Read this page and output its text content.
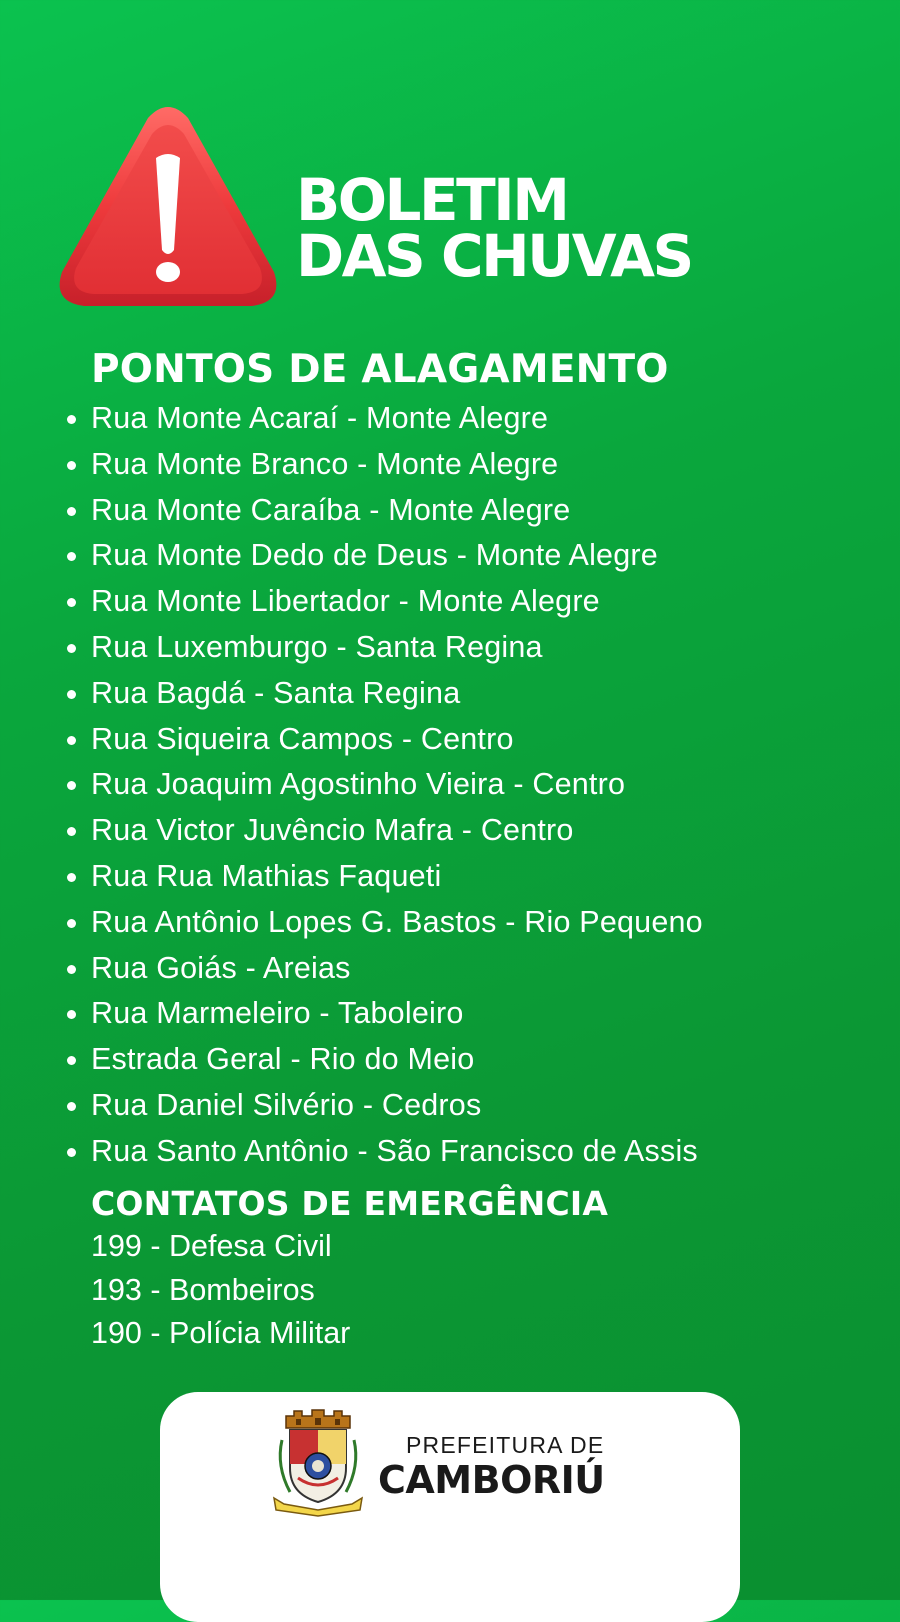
BOLETIM
DAS CHUVAS
PONTOS DE ALAGAMENTO
Rua Monte Acaraí - Monte Alegre
Rua Monte Branco - Monte Alegre
Rua Monte Caraíba - Monte Alegre
Rua Monte Dedo de Deus - Monte Alegre
Rua Monte Libertador - Monte Alegre
Rua Luxemburgo - Santa Regina
Rua Bagdá - Santa Regina
Rua Siqueira Campos - Centro
Rua Joaquim Agostinho Vieira - Centro
Rua Victor Juvêncio Mafra - Centro
Rua Rua Mathias Faqueti
Rua Antônio Lopes G. Bastos - Rio Pequeno
Rua Goiás - Areias
Rua Marmeleiro - Taboleiro
Estrada Geral - Rio do Meio
Rua Daniel Silvério - Cedros
Rua Santo Antônio - São Francisco de Assis
CONTATOS DE EMERGÊNCIA
199 - Defesa Civil
193 - Bombeiros
190 - Polícia Militar
PREFEITURA DE
CAMBORIÚ
